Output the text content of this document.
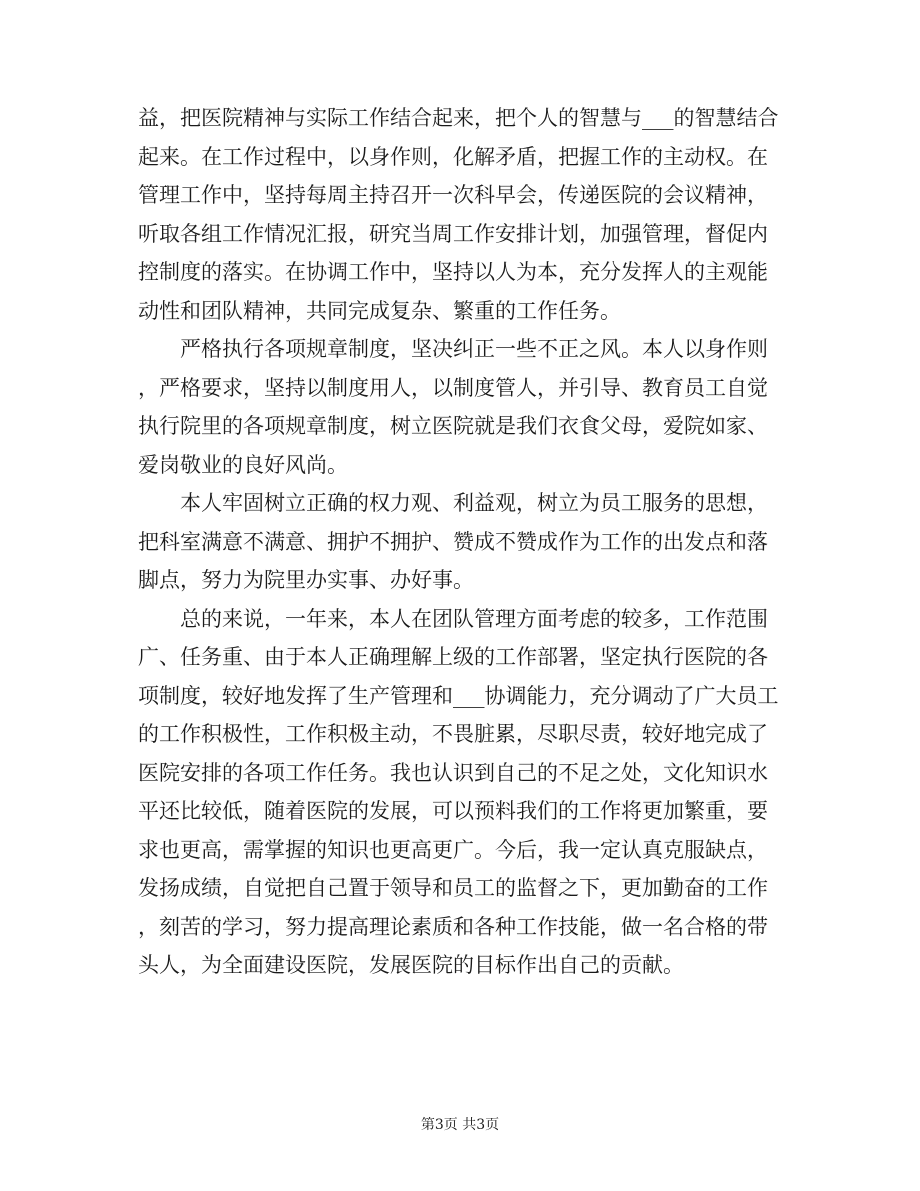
益，把医院精神与实际工作结合起来，把个人的智慧与___的智慧结合
起来。在工作过程中，以身作则，化解矛盾，把握工作的主动权。在
管理工作中，坚持每周主持召开一次科早会，传递医院的会议精神，
听取各组工作情况汇报，研究当周工作安排计划，加强管理，督促内
控制度的落实。在协调工作中，坚持以人为本，充分发挥人的主观能
动性和团队精神，共同完成复杂、繁重的工作任务。

严格执行各项规章制度，坚决纠正一些不正之风。本人以身作则
，严格要求，坚持以制度用人，以制度管人，并引导、教育员工自觉
执行院里的各项规章制度，树立医院就是我们衣食父母，爱院如家、
爱岗敬业的良好风尚。

本人牢固树立正确的权力观、利益观，树立为员工服务的思想，
把科室满意不满意、拥护不拥护、赞成不赞成作为工作的出发点和落
脚点，努力为院里办实事、办好事。

总的来说，一年来，本人在团队管理方面考虑的较多，工作范围
广、任务重、由于本人正确理解上级的工作部署，坚定执行医院的各
项制度，较好地发挥了生产管理和___协调能力，充分调动了广大员工
的工作积极性，工作积极主动，不畏脏累，尽职尽责，较好地完成了
医院安排的各项工作任务。我也认识到自己的不足之处，文化知识水
平还比较低，随着医院的发展，可以预料我们的工作将更加繁重，要
求也更高，需掌握的知识也更高更广。今后，我一定认真克服缺点，
发扬成绩，自觉把自己置于领导和员工的监督之下，更加勤奋的工作
，刻苦的学习，努力提高理论素质和各种工作技能，做一名合格的带
头人，为全面建设医院，发展医院的目标作出自己的贡献。

第3页 共3页
